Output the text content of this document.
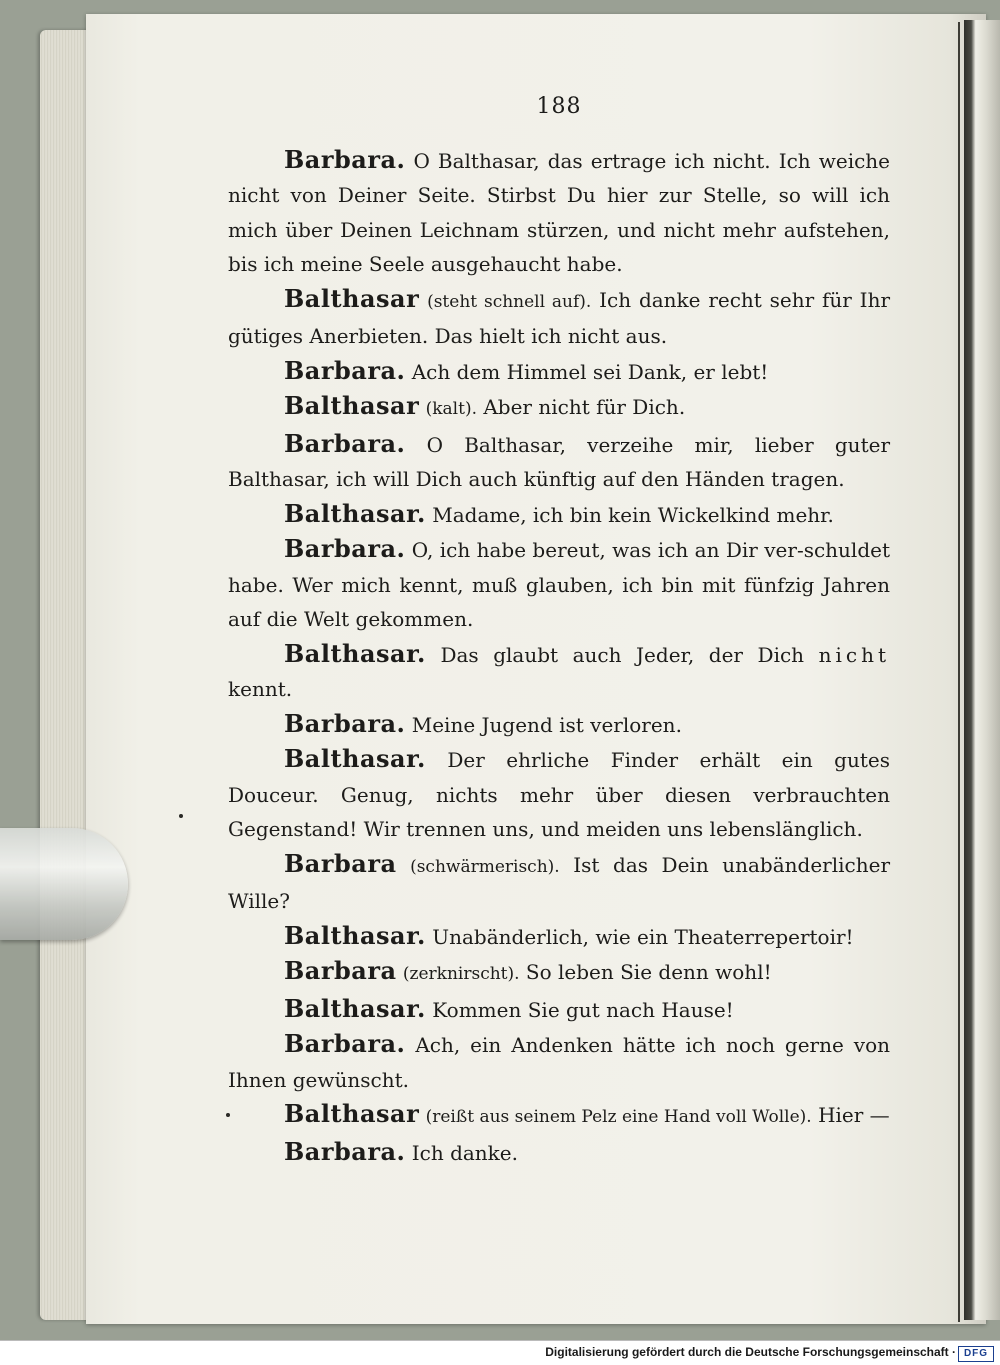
188

Barbara. O Balthasar, das ertrage ich nicht. Ich weiche nicht von Deiner Seite. Stirbst Du hier zur Stelle, so will ich mich über Deinen Leichnam stürzen, und nicht mehr aufstehen, bis ich meine Seele ausgehaucht habe.

Balthasar (steht schnell auf). Ich danke recht sehr für Ihr gütiges Anerbieten. Das hielt ich nicht aus.

Barbara. Ach dem Himmel sei Dank, er lebt!

Balthasar (kalt). Aber nicht für Dich.

Barbara. O Balthasar, verzeihe mir, lieber guter Balthasar, ich will Dich auch künftig auf den Händen tragen.

Balthasar. Madame, ich bin kein Wickelkind mehr.

Barbara. O, ich habe bereut, was ich an Dir ver-schuldet habe. Wer mich kennt, muß glauben, ich bin mit fünfzig Jahren auf die Welt gekommen.

Balthasar. Das glaubt auch Jeder, der Dich nicht kennt.

Barbara. Meine Jugend ist verloren.

Balthasar. Der ehrliche Finder erhält ein gutes Douceur. Genug, nichts mehr über diesen verbrauchten Gegenstand! Wir trennen uns, und meiden uns lebenslänglich.

Barbara (schwärmerisch). Ist das Dein unabänderlicher Wille?

Balthasar. Unabänderlich, wie ein Theaterrepertoir!

Barbara (zerknirscht). So leben Sie denn wohl!

Balthasar. Kommen Sie gut nach Hause!

Barbara. Ach, ein Andenken hätte ich noch gerne von Ihnen gewünscht.

Balthasar (reißt aus seinem Pelz eine Hand voll Wolle). Hier —

Barbara. Ich danke.

Digitalisierung gefördert durch die Deutsche Forschungsgemeinschaft · DFG
